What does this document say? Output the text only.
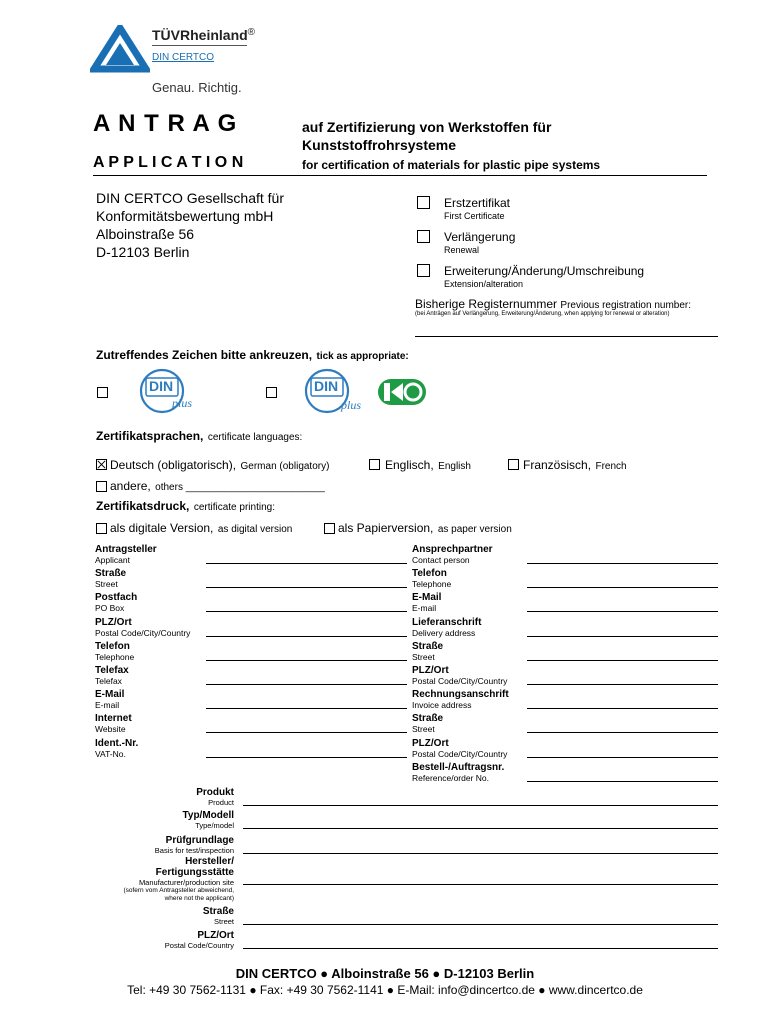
TÜVRheinland®
DIN CERTCO
Genau. Richtig.
A N T R A G
A P P L I C A T I O N
auf Zertifizierung von Werkstoffen für
Kunststoffrohrsysteme
for certification of materials for plastic pipe systems
DIN CERTCO Gesellschaft für
Konformitätsbewertung mbH
Alboinstraße 56
D-12103 Berlin
Erstzertifikat
First Certificate
Verlängerung
Renewal
Erweiterung/Änderung/Umschreibung
Extension/alteration
Bisherige Registernummer Previous registration number:
(bei Anträgen auf Verlängerung, Erweiterung/Änderung, when applying for renewal or alteration)
Zutreffendes Zeichen bitte ankreuzen, tick as appropriate:
DIN
plus
DIN
plus
Zertifikatsprachen, certificate languages:
Deutsch (obligatorisch), German (obligatory)	Englisch, English	Französisch, French
andere, others _________________________
Zertifikatsdruck, certificate printing:
als digitale Version, as digital version	als Papierversion, as paper version
Antragsteller
Applicant
Straße
Street
Postfach
PO Box
PLZ/Ort
Postal Code/City/Country
Telefon
Telephone
Telefax
Telefax
E-Mail
E-mail
Internet
Website
Ident.-Nr.
VAT-No.
Ansprechpartner
Contact person
Telefon
Telephone
E-Mail
E-mail
Lieferanschrift
Delivery address
Straße
Street
PLZ/Ort
Postal Code/City/Country
Rechnungsanschrift
Invoice address
Straße
Street
PLZ/Ort
Postal Code/City/Country
Bestell-/Auftragsnr.
Reference/order No.
Produkt
Product
Typ/Modell
Type/model
Prüfgrundlage
Basis for test/inspection
Hersteller/
Fertigungsstätte
Manufacturer/production site
(sofern vom Antragsteller abweichend,
where not the applicant)
Straße
Street
PLZ/Ort
Postal Code/Country
DIN CERTCO ● Alboinstraße 56 ● D-12103 Berlin
Tel: +49 30 7562-1131 ● Fax: +49 30 7562-1141 ● E-Mail: info@dincertco.de ● www.dincertco.de
